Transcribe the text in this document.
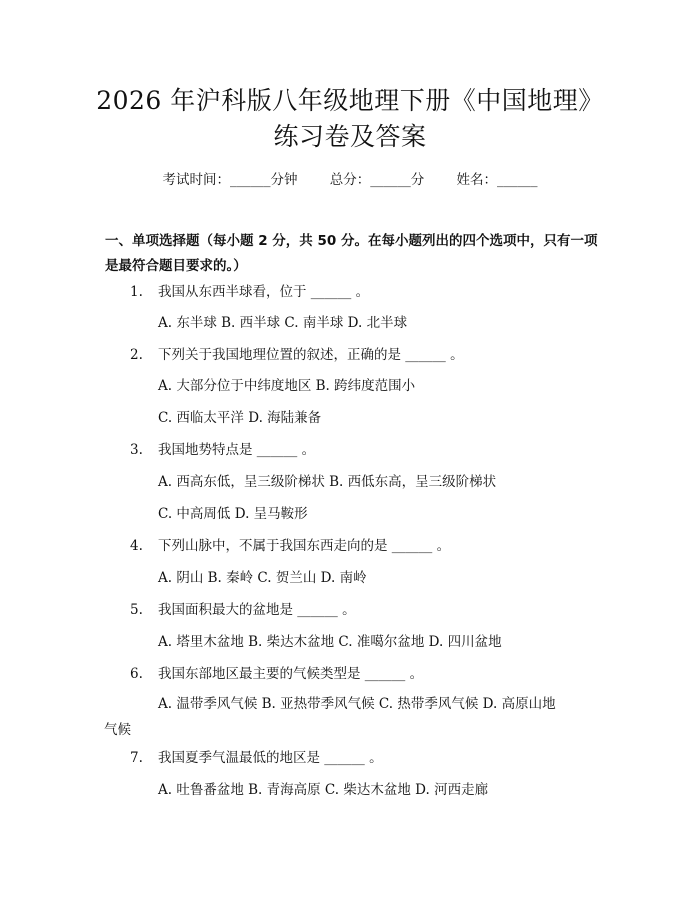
2026 年沪科版八年级地理下册《中国地理》
练习卷及答案
考试时间：______分钟 总分：______分 姓名：______
一、单项选择题（每小题 2 分，共 50 分。在每小题列出的四个选项中，只有一项是最符合题目要求的。）
1. 我国从东西半球看，位于 ______ 。
A. 东半球 B. 西半球 C. 南半球 D. 北半球
2. 下列关于我国地理位置的叙述，正确的是 ______ 。
A. 大部分位于中纬度地区 B. 跨纬度范围小
C. 西临太平洋 D. 海陆兼备
3. 我国地势特点是 ______ 。
A. 西高东低，呈三级阶梯状 B. 西低东高，呈三级阶梯状
C. 中高周低 D. 呈马鞍形
4. 下列山脉中，不属于我国东西走向的是 ______ 。
A. 阴山 B. 秦岭 C. 贺兰山 D. 南岭
5. 我国面积最大的盆地是 ______ 。
A. 塔里木盆地 B. 柴达木盆地 C. 准噶尔盆地 D. 四川盆地
6. 我国东部地区最主要的气候类型是 ______ 。
A. 温带季风气候 B. 亚热带季风气候 C. 热带季风气候 D. 高原山地
气候
7. 我国夏季气温最低的地区是 ______ 。
A. 吐鲁番盆地 B. 青海高原 C. 柴达木盆地 D. 河西走廊
